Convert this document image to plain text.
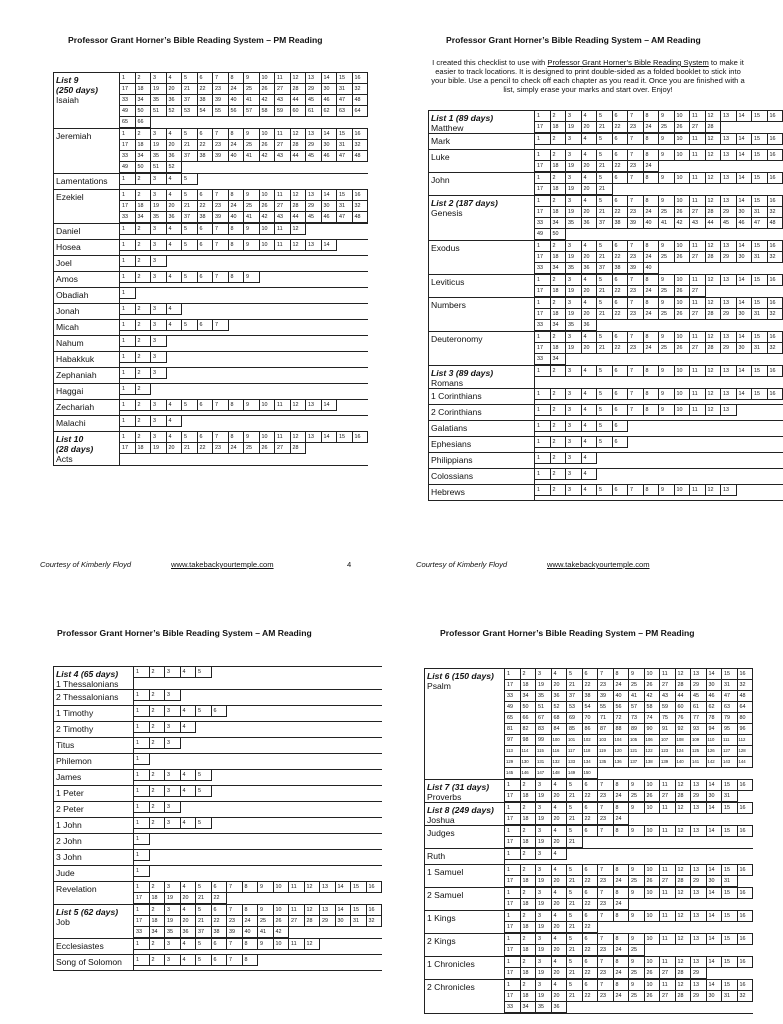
Professor Grant Horner’s Bible Reading System – PM Reading
List 9
(250 days)
Isaiah
1	2	3	4	5	6	7	8	9	10	11	12	13	14	15	16
17	18	19	20	21	22	23	24	25	26	27	28	29	30	31	32
33	34	35	36	37	38	39	40	41	42	43	44	45	46	47	48
49	50	51	52	53	54	55	56	57	58	59	60	61	62	63	64
65	66
Jeremiah	1	2	3	4	5	6	7	8	9	10	11	12	13	14	15	16
17	18	19	20	21	22	23	24	25	26	27	28	29	30	31	32
33	34	35	36	37	38	39	40	41	42	43	44	45	46	47	48
49	50	51	52
Lamentations	1	2	3	4	5
Ezekiel	1	2	3	4	5	6	7	8	9	10	11	12	13	14	15	16
17	18	19	20	21	22	23	24	25	26	27	28	29	30	31	32
33	34	35	36	37	38	39	40	41	42	43	44	45	46	47	48
Daniel	1	2	3	4	5	6	7	8	9	10	11	12
Hosea	1	2	3	4	5	6	7	8	9	10	11	12	13	14
Joel	1	2	3
Amos	1	2	3	4	5	6	7	8	9
Obadiah	1
Jonah	1	2	3	4
Micah	1	2	3	4	5	6	7
Nahum	1	2	3
Habakkuk	1	2	3
Zephaniah	1	2	3
Haggai	1	2
Zechariah	1	2	3	4	5	6	7	8	9	10	11	12	13	14
Malachi	1	2	3	4
List 10
(28 days)
Acts
1	2	3	4	5	6	7	8	9	10	11	12	13	14	15	16
17	18	19	20	21	22	23	24	25	26	27	28
Courtesy of Kimberly Floyd	www.takebackyourtemple.com	4
Professor Grant Horner’s Bible Reading System – AM Reading
I created this checklist to use with Professor Grant Horner’s Bible Reading System to make it easier to track locations. It is designed to print double-sided as a folded booklet to stick into your bible. Use a pencil to check off each chapter as you read it. Once you are finished with a list, simply erase your marks and start over. Enjoy!
List 1 (89 days)
Matthew
1	2	3	4	5	6	7	8	9	10	11	12	13	14	15	16
17	18	19	20	21	22	23	24	25	26	27	28
Mark	1	2	3	4	5	6	7	8	9	10	11	12	13	14	15	16
Luke	1	2	3	4	5	6	7	8	9	10	11	12	13	14	15	16
17	18	19	20	21	22	23	24
John	1	2	3	4	5	6	7	8	9	10	11	12	13	14	15	16
17	18	19	20	21
List 2 (187 days)
Genesis
1	2	3	4	5	6	7	8	9	10	11	12	13	14	15	16
17	18	19	20	21	22	23	24	25	26	27	28	29	30	31	32
33	34	35	36	37	38	39	40	41	42	43	44	45	46	47	48
49	50
Exodus	1	2	3	4	5	6	7	8	9	10	11	12	13	14	15	16
17	18	19	20	21	22	23	24	25	26	27	28	29	30	31	32
33	34	35	36	37	38	39	40
Leviticus	1	2	3	4	5	6	7	8	9	10	11	12	13	14	15	16
17	18	19	20	21	22	23	24	25	26	27
Numbers	1	2	3	4	5	6	7	8	9	10	11	12	13	14	15	16
17	18	19	20	21	22	23	24	25	26	27	28	29	30	31	32
33	34	35	36
Deuteronomy	1	2	3	4	5	6	7	8	9	10	11	12	13	14	15	16
17	18	19	20	21	22	23	24	25	26	27	28	29	30	31	32
33	34
List 3 (89 days)
Romans
1	2	3	4	5	6	7	8	9	10	11	12	13	14	15	16
1 Corinthians	1	2	3	4	5	6	7	8	9	10	11	12	13	14	15	16
2 Corinthians	1	2	3	4	5	6	7	8	9	10	11	12	13
Galatians	1	2	3	4	5	6
Ephesians	1	2	3	4	5	6
Philippians	1	2	3	4
Colossians	1	2	3	4
Hebrews	1	2	3	4	5	6	7	8	9	10	11	12	13
Courtesy of Kimberly Floyd	www.takebackyourtemple.com
Professor Grant Horner’s Bible Reading System – AM Reading
List 4 (65 days)
1 Thessalonians
1	2	3	4	5
2 Thessalonians	1	2	3
1 Timothy	1	2	3	4	5	6
2 Timothy	1	2	3	4
Titus	1	2	3
Philemon	1
James	1	2	3	4	5
1 Peter	1	2	3	4	5
2 Peter	1	2	3
1 John	1	2	3	4	5
2 John	1
3 John	1
Jude	1
Revelation	1	2	3	4	5	6	7	8	9	10	11	12	13	14	15	16
17	18	19	20	21	22
List 5 (62 days)
Job
1	2	3	4	5	6	7	8	9	10	11	12	13	14	15	16
17	18	19	20	21	22	23	24	25	26	27	28	29	30	31	32
33	34	35	36	37	38	39	40	41	42
Ecclesiastes	1	2	3	4	5	6	7	8	9	10	11	12
Song of Solomon	1	2	3	4	5	6	7	8
Professor Grant Horner’s Bible Reading System – PM Reading
List 6 (150 days)
Psalm
1	2	3	4	5	6	7	8	9	10	11	12	13	14	15	16
17	18	19	20	21	22	23	24	25	26	27	28	29	30	31	32
33	34	35	36	37	38	39	40	41	42	43	44	45	46	47	48
49	50	51	52	53	54	55	56	57	58	59	60	61	62	63	64
65	66	67	68	69	70	71	72	73	74	75	76	77	78	79	80
81	82	83	84	85	86	87	88	89	90	91	92	93	94	95	96
97	98	99	100	101	102	103	104	105	106	107	108	109	110	111	112
113	114	115	116	117	118	119	120	121	122	123	124	125	126	127	128
129	130	131	132	133	134	135	136	137	138	139	140	141	142	143	144
145	146	147	148	149	150
List 7 (31 days)
Proverbs
1	2	3	4	5	6	7	8	9	10	11	12	13	14	15	16
17	18	19	20	21	22	23	24	25	26	27	28	29	30	31
List 8 (249 days)
Joshua
1	2	3	4	5	6	7	8	9	10	11	12	13	14	15	16
17	18	19	20	21	22	23	24
Judges	1	2	3	4	5	6	7	8	9	10	11	12	13	14	15	16
17	18	19	20	21
Ruth	1	2	3	4
1 Samuel	1	2	3	4	5	6	7	8	9	10	11	12	13	14	15	16
17	18	19	20	21	22	23	24	25	26	27	28	29	30	31
2 Samuel	1	2	3	4	5	6	7	8	9	10	11	12	13	14	15	16
17	18	19	20	21	22	23	24
1 Kings	1	2	3	4	5	6	7	8	9	10	11	12	13	14	15	16
17	18	19	20	21	22
2 Kings	1	2	3	4	5	6	7	8	9	10	11	12	13	14	15	16
17	18	19	20	21	22	23	24	25
1 Chronicles	1	2	3	4	5	6	7	8	9	10	11	12	13	14	15	16
17	18	19	20	21	22	23	24	25	26	27	28	29
2 Chronicles	1	2	3	4	5	6	7	8	9	10	11	12	13	14	15	16
17	18	19	20	21	22	23	24	25	26	27	28	29	30	31	32
33	34	35	36
